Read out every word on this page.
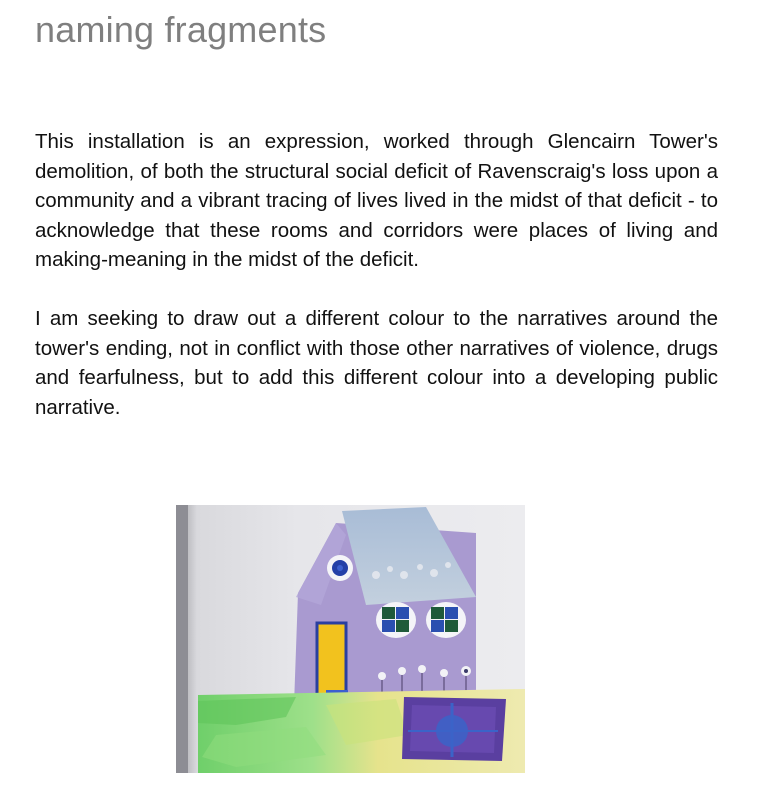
naming fragments

This installation is an expression, worked through Glencairn Tower's demolition, of both the structural social deficit of Ravenscraig's loss upon a community and a vibrant tracing of lives lived in the midst of that deficit - to acknowledge that these rooms and corridors were places of living and making-meaning in the midst of the deficit.

I am seeking to draw out a different colour to the narratives around the tower's ending, not in conflict with those other narratives of violence, drugs and fearfulness, but to add this different colour into a developing public narrative.
